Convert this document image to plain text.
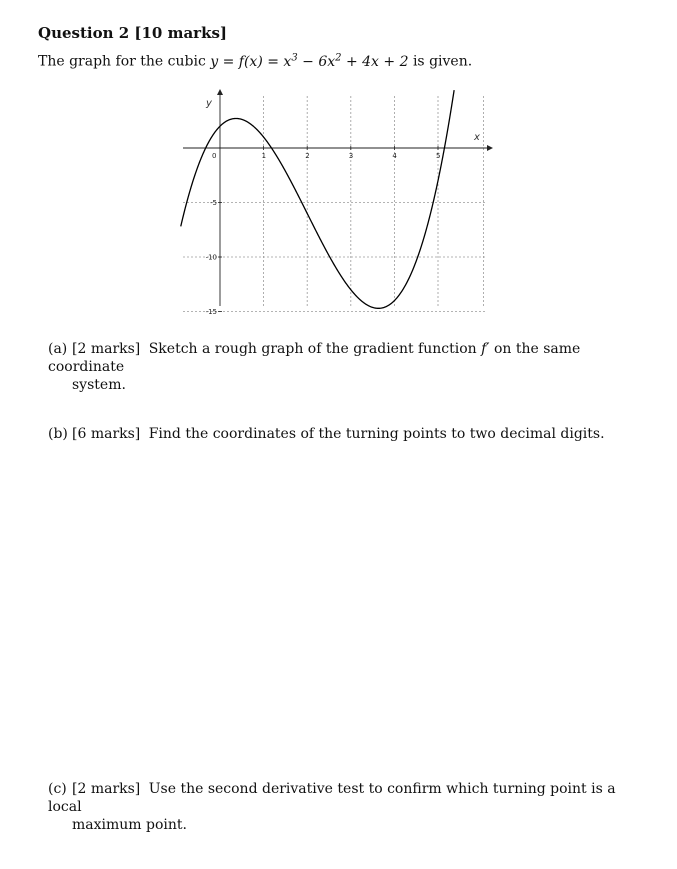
Question 2 [10 marks]
The graph for the cubic $y = f(x) = x^3 - 6x^2 + 4x + 2$ is given.
0	1	2	3	4	5
-5
-10
-15
x
y
(a) [2 marks] Sketch a rough graph of the gradient function f′ on the same coordinate
system.
(b) [6 marks] Find the coordinates of the turning points to two decimal digits.
(c) [2 marks] Use the second derivative test to confirm which turning point is a local
maximum point.
